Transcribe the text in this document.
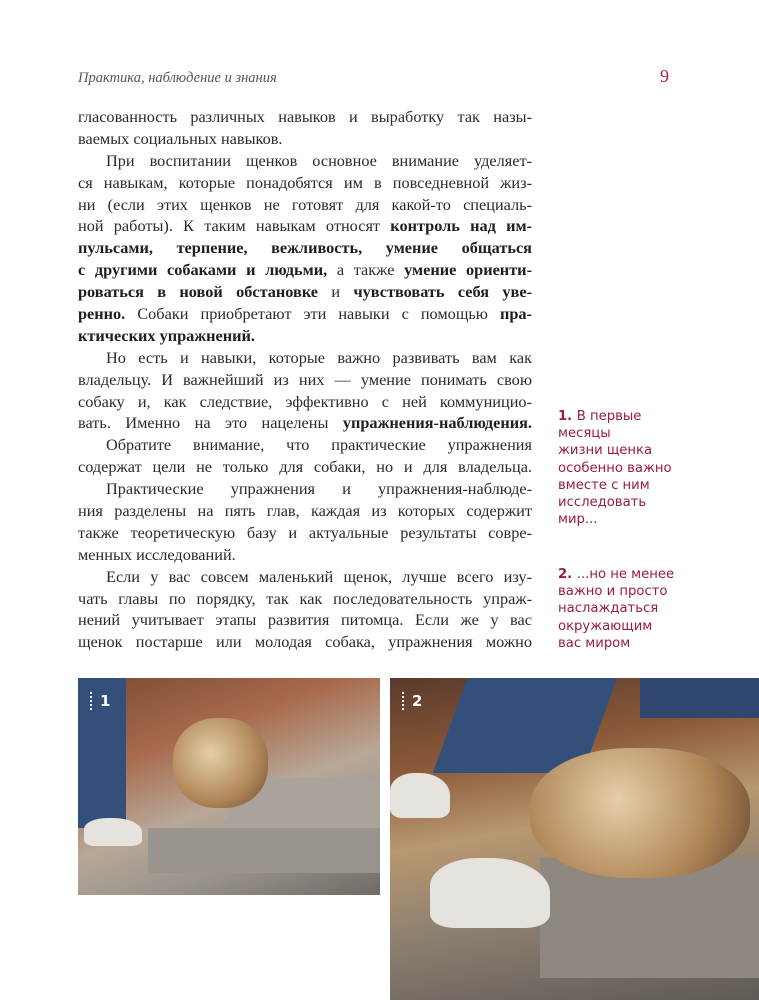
Практика, наблюдение и знания	9
гласованность различных навыков и выработку так назы-
ваемых социальных навыков.
При воспитании щенков основное внимание уделяет-
ся навыкам, которые понадобятся им в повседневной жиз-
ни (если этих щенков не готовят для какой-то специаль-
ной работы). К таким навыкам относят контроль над им-
пульсами, терпение, вежливость, умение общаться
с другими собаками и людьми, а также умение ориенти-
роваться в новой обстановке и чувствовать себя уве-
ренно. Собаки приобретают эти навыки с помощью пра-
ктических упражнений.
Но есть и навыки, которые важно развивать вам как
владельцу. И важнейший из них — умение понимать свою
собаку и, как следствие, эффективно с ней коммуницио-
вать. Именно на это нацелены упражнения-наблюдения.
Обратите внимание, что практические упражнения
содержат цели не только для собаки, но и для владельца.
Практические упражнения и упражнения-наблюде-
ния разделены на пять глав, каждая из которых содержит
также теоретическую базу и актуальные результаты совре-
менных исследований.
Если у вас совсем маленький щенок, лучше всего изу-
чать главы по порядку, так как последовательность упраж-
нений учитывает этапы развития питомца. Если же у вас
щенок постарше или молодая собака, упражнения можно
1. В первые
месяцы
жизни щенка
особенно важно
вместе с ним
исследовать
мир...
2. ...но не менее
важно и просто
наслаждаться
окружающим
вас миром
1	2
